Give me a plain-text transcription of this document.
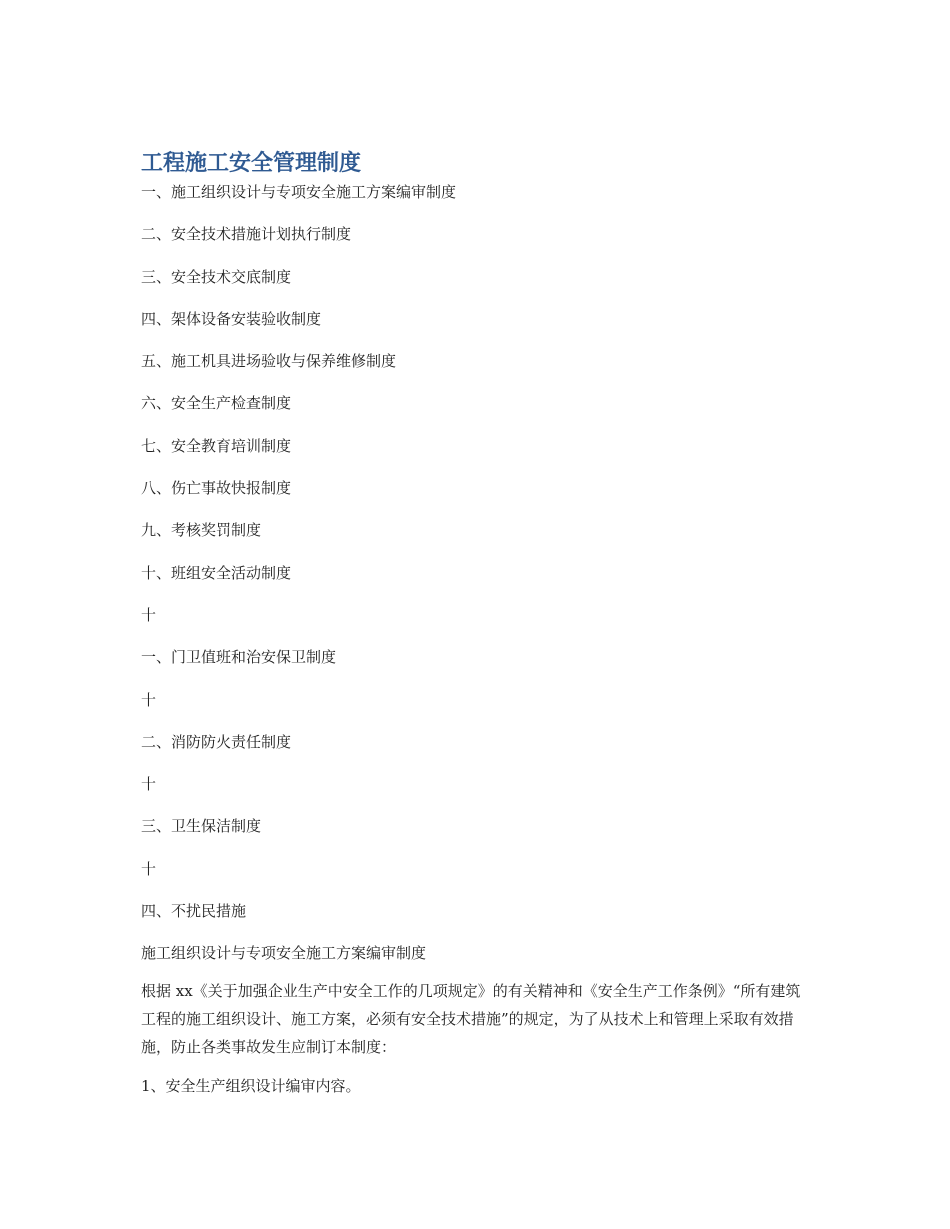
工程施工安全管理制度
一、施工组织设计与专项安全施工方案编审制度
二、安全技术措施计划执行制度
三、安全技术交底制度
四、架体设备安装验收制度
五、施工机具进场验收与保养维修制度
六、安全生产检查制度
七、安全教育培训制度
八、伤亡事故快报制度
九、考核奖罚制度
十、班组安全活动制度
十
一、门卫值班和治安保卫制度
十
二、消防防火责任制度
十
三、卫生保洁制度
十
四、不扰民措施

施工组织设计与专项安全施工方案编审制度

根据 xx《关于加强企业生产中安全工作的几项规定》的有关精神和《安全生产工作条例》“所有建筑工程的施工组织设计、施工方案，必须有安全技术措施”的规定，为了从技术上和管理上采取有效措施，防止各类事故发生应制订本制度：

1、安全生产组织设计编审内容。
